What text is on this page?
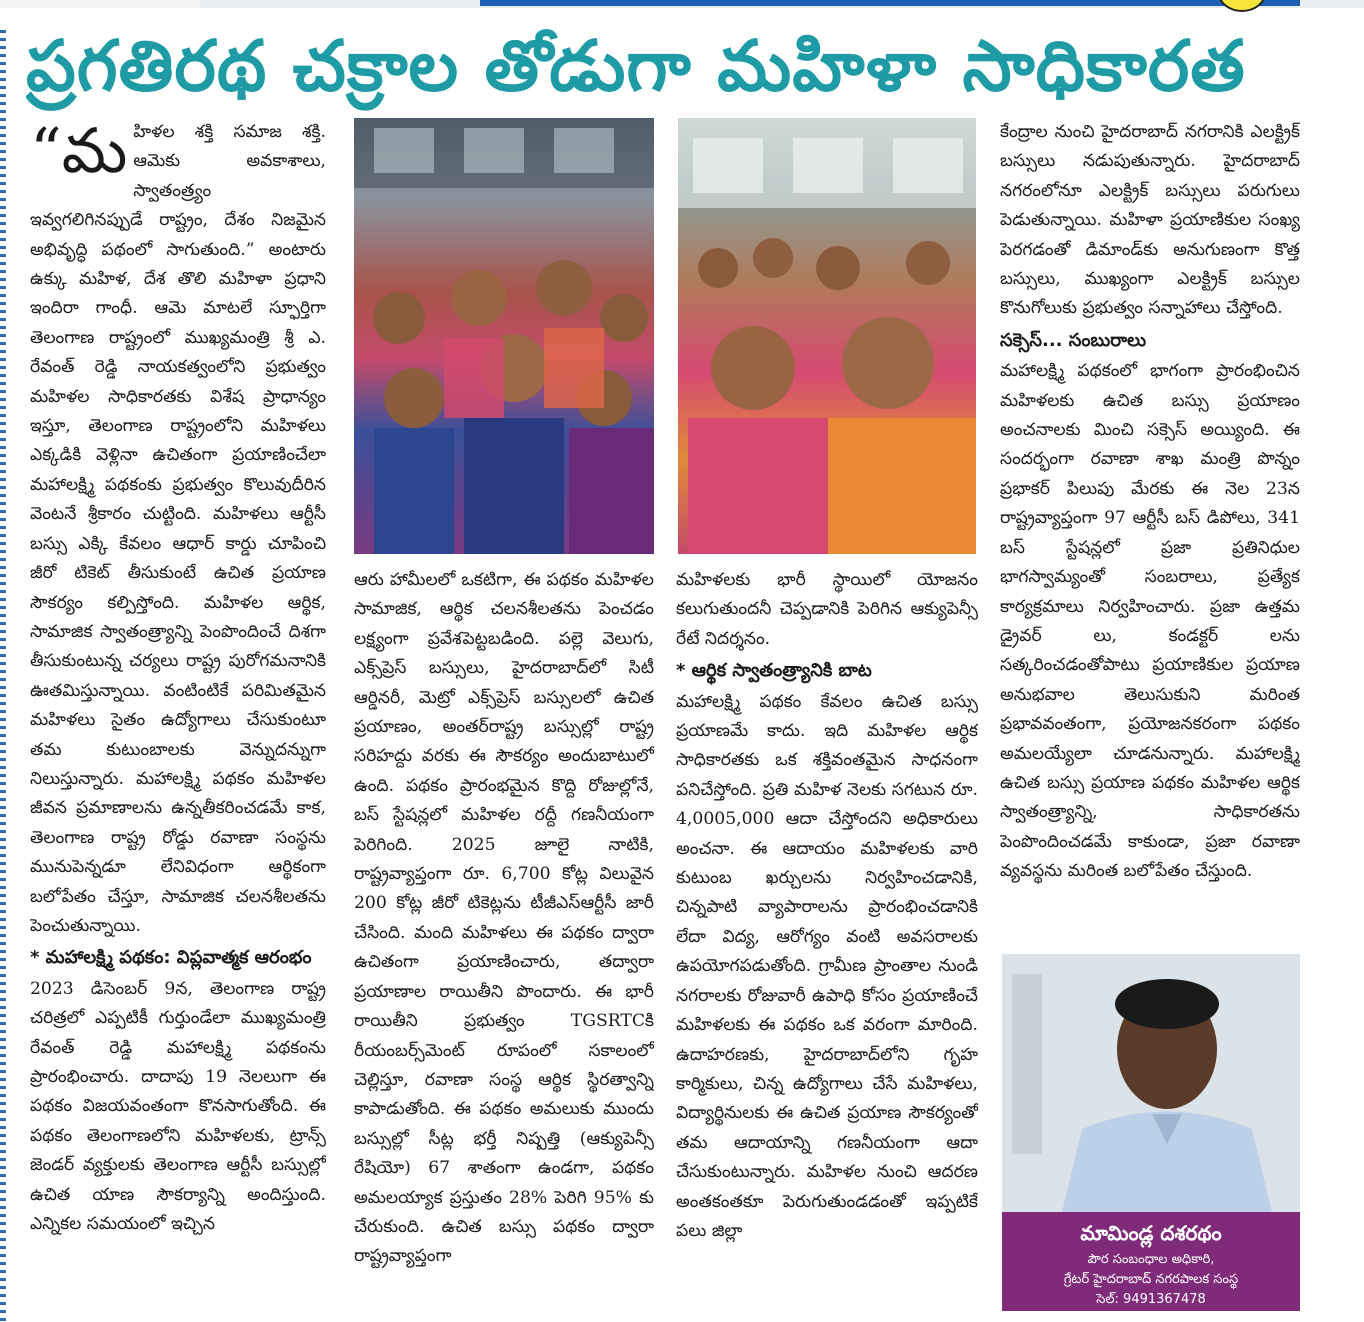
ప్రగతిరథ చక్రాల తోడుగా మహిళా సాధికారత
“మ హిళల శక్తి సమాజ శక్తి. ఆమెకు అవకాశాలు, స్వాతంత్ర్యం ఇవ్వగలిగినప్పుడే రాష్ట్రం, దేశం నిజమైన అభివృద్ధి పథంలో సాగుతుంది.” అంటారు ఉక్కు మహిళ, దేశ తొలి మహిళా ప్రధాని ఇందిరా గాంధీ. ఆమె మాటలే స్ఫూర్తిగా తెలంగాణ రాష్ట్రంలో ముఖ్యమంత్రి శ్రీ ఎ. రేవంత్ రెడ్డి నాయకత్వంలోని ప్రభుత్వం మహిళల సాధికారతకు విశేష ప్రాధాన్యం ఇస్తూ, తెలంగాణ రాష్ట్రంలోని మహిళలు ఎక్కడికి వెళ్లినా ఉచితంగా ప్రయాణించేలా మహాలక్ష్మి పథకంకు ప్రభుత్వం కొలువుదీరిన వెంటనే శ్రీకారం చుట్టింది. మహిళలు ఆర్టీసీ బస్సు ఎక్కి కేవలం ఆధార్ కార్డు చూపించి జీరో టికెట్ తీసుకుంటే ఉచిత ప్రయాణ సౌకర్యం కల్పిస్తోంది. మహిళల ఆర్థిక, సామాజిక స్వాతంత్ర్యాన్ని పెంపొందించే దిశగా తీసుకుంటున్న చర్యలు రాష్ట్ర పురోగమనానికి ఊతమిస్తున్నాయి. వంటింటికే పరిమితమైన మహిళలు సైతం ఉద్యోగాలు చేసుకుంటూ తమ కుటుంబాలకు వెన్నుదన్నుగా నిలుస్తున్నారు. మహాలక్ష్మి పథకం మహిళల జీవన ప్రమాణాలను ఉన్నతీకరించడమే కాక, తెలంగాణ రాష్ట్ర రోడ్డు రవాణా సంస్థను మునుపెన్నడూ లేనివిధంగా ఆర్థికంగా బలోపేతం చేస్తూ, సామాజిక చలనశీలతను పెంచుతున్నాయి.

* మహాలక్ష్మి పథకం: విప్లవాత్మక ఆరంభం

2023 డిసెంబర్ 9న, తెలంగాణ రాష్ట్ర చరిత్రలో ఎప్పటికీ గుర్తుండేలా ముఖ్యమంత్రి రేవంత్ రెడ్డి మహాలక్ష్మి పథకంను ప్రారంభించారు. దాదాపు 19 నెలలుగా ఈ పథకం విజయవంతంగా కొనసాగుతోంది. ఈ పథకం తెలంగాణలోని మహిళలకు, ట్రాన్స్ జెండర్ వ్యక్తులకు తెలంగాణ ఆర్టీసీ బస్సుల్లో ఉచిత యాణ సౌకర్యాన్ని అందిస్తుంది. ఎన్నికల సమయంలో ఇచ్చిన

ఆరు హామీలలో ఒకటిగా, ఈ పథకం మహిళల సామాజిక, ఆర్థిక చలనశీలతను పెంచడం లక్ష్యంగా ప్రవేశపెట్టబడింది. పల్లె వెలుగు, ఎక్స్‌ప్రెస్ బస్సులు, హైదరాబాద్‌లో సిటీ ఆర్డినరీ, మెట్రో ఎక్స్‌ప్రెస్ బస్సులలో ఉచిత ప్రయాణం, అంతర్‌రాష్ట్ర బస్సుల్లో రాష్ట్ర సరిహద్దు వరకు ఈ సౌకర్యం అందుబాటులో ఉంది. పథకం ప్రారంభమైన కొద్ది రోజుల్లోనే, బస్ స్టేషన్లలో మహిళల రద్దీ గణనీయంగా పెరిగింది. 2025 జూలై నాటికి, రాష్ట్రవ్యాప్తంగా రూ. 6,700 కోట్ల విలువైన 200 కోట్ల జీరో టికెట్లను టీజీఎస్‌ఆర్టీసీ జారీ చేసింది. మంది మహిళలు ఈ పథకం ద్వారా ఉచితంగా ప్రయాణించారు, తద్వారా ప్రయాణాల రాయితీని పొందారు. ఈ భారీ రాయితీని ప్రభుత్వం TGSRTCకి రీయంబర్స్‌మెంట్ రూపంలో సకాలంలో చెల్లిస్తూ, రవాణా సంస్థ ఆర్థిక స్థిరత్వాన్ని కాపాడుతోంది. ఈ పథకం అమలుకు ముందు బస్సుల్లో సీట్ల భర్తీ నిష్పత్తి (ఆక్యుపెన్సీ రేషియో) 67 శాతంగా ఉండగా, పథకం అమలయ్యాక ప్రస్తుతం 28% పెరిగి 95% కు చేరుకుంది. ఉచిత బస్సు పథకం ద్వారా రాష్ట్రవ్యాప్తంగా

మహిళలకు భారీ స్థాయిలో యోజనం కలుగుతుందనీ చెప్పడానికి పెరిగిన ఆక్యుపెన్సీ రేటే నిదర్శనం.

* ఆర్థిక స్వాతంత్ర్యానికి బాట

మహాలక్ష్మి పథకం కేవలం ఉచిత బస్సు ప్రయాణమే కాదు. ఇది మహిళల ఆర్థిక సాధికారతకు ఒక శక్తివంతమైన సాధనంగా పనిచేస్తోంది. ప్రతి మహిళ నెలకు సగటున రూ. 4,0005,000 ఆదా చేస్తోందని అధికారులు అంచనా. ఈ ఆదాయం మహిళలకు వారి కుటుంబ ఖర్చులను నిర్వహించడానికి, చిన్నపాటి వ్యాపారాలను ప్రారంభించడానికి లేదా విద్య, ఆరోగ్యం వంటి అవసరాలకు ఉపయోగపడుతోంది. గ్రామీణ ప్రాంతాల నుండి నగరాలకు రోజువారీ ఉపాధి కోసం ప్రయాణించే మహిళలకు ఈ పథకం ఒక వరంగా మారింది. ఉదాహరణకు, హైదరాబాద్‌లోని గృహ కార్మికులు, చిన్న ఉద్యోగాలు చేసే మహిళలు, విద్యార్థినులకు ఈ ఉచిత ప్రయాణ సౌకర్యంతో తమ ఆదాయాన్ని గణనీయంగా ఆదా చేసుకుంటున్నారు. మహిళల నుంచి ఆదరణ అంతకంతకూ పెరుగుతుండడంతో ఇప్పటికే పలు జిల్లా

కేంద్రాల నుంచి హైదరాబాద్ నగరానికి ఎలక్ట్రిక్ బస్సులు నడుపుతున్నారు. హైదరాబాద్ నగరంలోనూ ఎలక్ట్రిక్ బస్సులు పరుగులు పెడుతున్నాయి. మహిళా ప్రయాణికుల సంఖ్య పెరగడంతో డిమాండ్‌కు అనుగుణంగా కొత్త బస్సులు, ముఖ్యంగా ఎలక్ట్రిక్ బస్సుల కొనుగోలుకు ప్రభుత్వం సన్నాహాలు చేస్తోంది.

సక్సెస్... సంబురాలు

మహాలక్ష్మి పథకంలో భాగంగా ప్రారంభించిన మహిళలకు ఉచిత బస్సు ప్రయాణం అంచనాలకు మించి సక్సెస్ అయ్యింది. ఈ సందర్భంగా రవాణా శాఖ మంత్రి పొన్నం ప్రభాకర్ పిలుపు మేరకు ఈ నెల 23న రాష్ట్రవ్యాప్తంగా 97 ఆర్టీసీ బస్ డిపోలు, 341 బస్ స్టేషన్లలో ప్రజా ప్రతినిధుల భాగస్వామ్యంతో సంబరాలు, ప్రత్యేక కార్యక్రమాలు నిర్వహించారు. ప్రజా ఉత్తమ డ్రైవర్ లు, కండక్టర్ లను సత్కరించడంతోపాటు ప్రయాణికుల ప్రయాణ అనుభవాల తెలుసుకుని మరింత ప్రభావవంతంగా, ప్రయోజనకరంగా పథకం అమలయ్యేలా చూడనున్నారు. మహాలక్ష్మి ఉచిత బస్సు ప్రయాణ పథకం మహిళల ఆర్థిక స్వాతంత్ర్యాన్ని, సాధికారతను పెంపొందించడమే కాకుండా, ప్రజా రవాణా వ్యవస్థను మరింత బలోపేతం చేస్తుంది.

మామిండ్ల దశరథం
పౌర సంబంధాల అధికారి,
గ్రేటర్ హైదరాబాద్ నగరపాలక సంస్థ
సెల్: 9491367478
